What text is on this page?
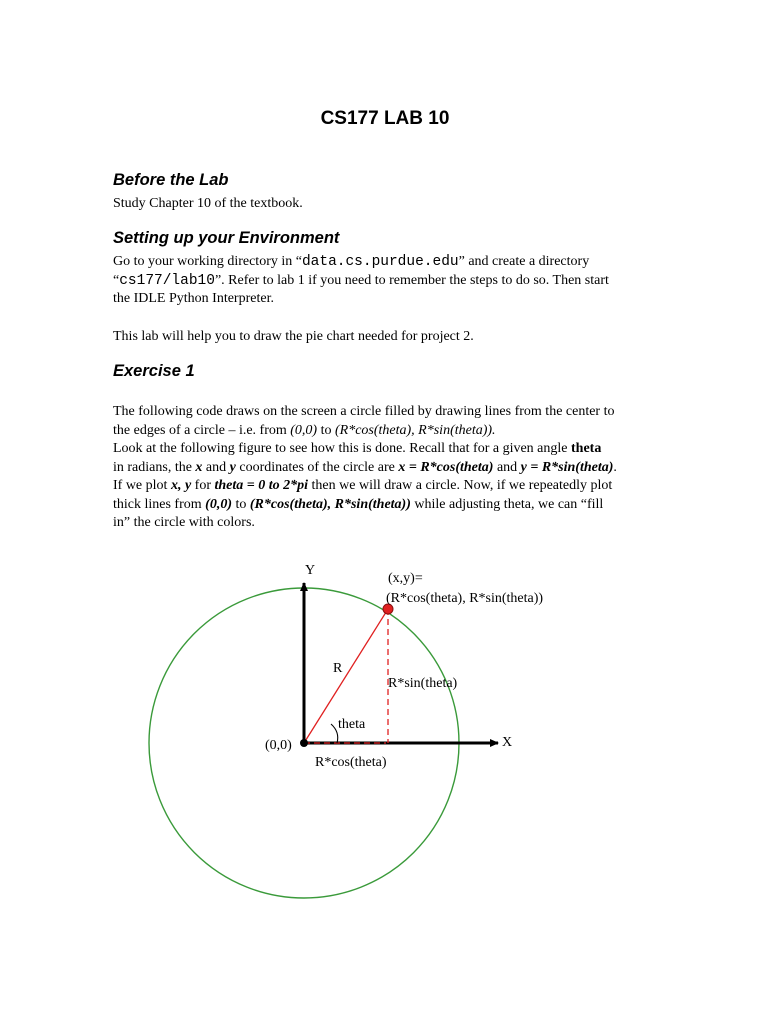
CS177 LAB 10
Before the Lab
Study Chapter 10 of the textbook.
Setting up your Environment
Go to your working directory in “data.cs.purdue.edu” and create a directory
“cs177/lab10”. Refer to lab 1 if you need to remember the steps to do so. Then start
the IDLE Python Interpreter.
This lab will help you to draw the pie chart needed for project 2.
Exercise 1
The following code draws on the screen a circle filled by drawing lines from the center to
the edges of a circle – i.e. from (0,0) to (R*cos(theta), R*sin(theta)).
Look at the following figure to see how this is done. Recall that for a given angle theta
in radians, the x and y coordinates of the circle are x = R*cos(theta) and y = R*sin(theta).
If we plot x, y for theta = 0 to 2*pi then we will draw a circle. Now, if we repeatedly plot
thick lines from (0,0) to (R*cos(theta), R*sin(theta)) while adjusting theta, we can “fill
in” the circle with colors.
Y
X
(x,y)=
(R*cos(theta), R*sin(theta))
R
R*sin(theta)
theta
(0,0)
R*cos(theta)
